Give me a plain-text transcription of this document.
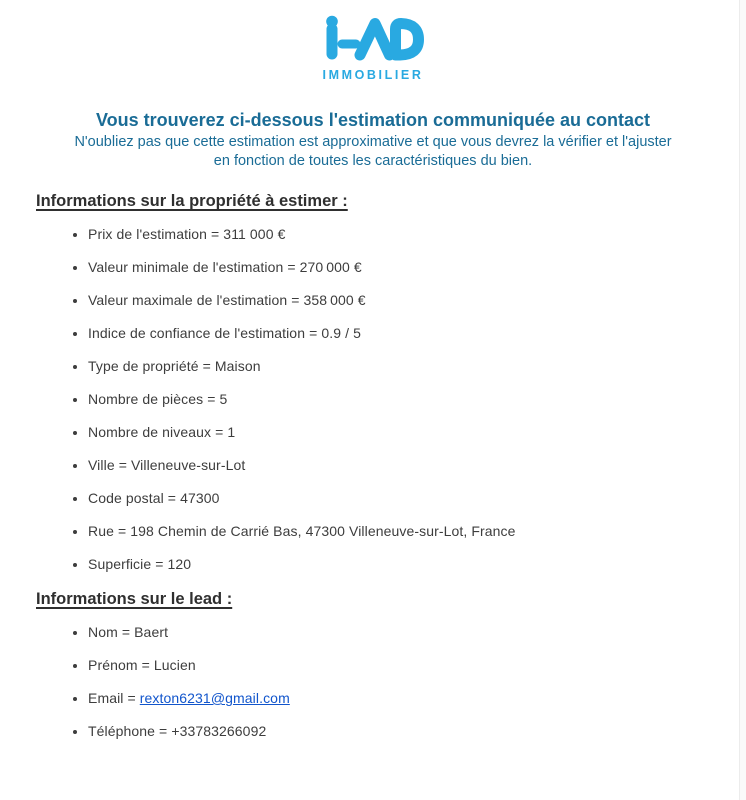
IMMOBILIER
Vous trouverez ci-dessous l'estimation communiquée au contact
N'oubliez pas que cette estimation est approximative et que vous devrez la vérifier et l'ajuster
en fonction de toutes les caractéristiques du bien.
Informations sur la propriété à estimer :
• Prix de l'estimation = 311 000 €
• Valeur minimale de l'estimation = 270 000 €
• Valeur maximale de l'estimation = 358 000 €
• Indice de confiance de l'estimation = 0.9 / 5
• Type de propriété = Maison
• Nombre de pièces = 5
• Nombre de niveaux = 1
• Ville = Villeneuve-sur-Lot
• Code postal = 47300
• Rue = 198 Chemin de Carrié Bas, 47300 Villeneuve-sur-Lot, France
• Superficie = 120
Informations sur le lead :
• Nom = Baert
• Prénom = Lucien
• Email = rexton6231@gmail.com
• Téléphone = +33783266092
